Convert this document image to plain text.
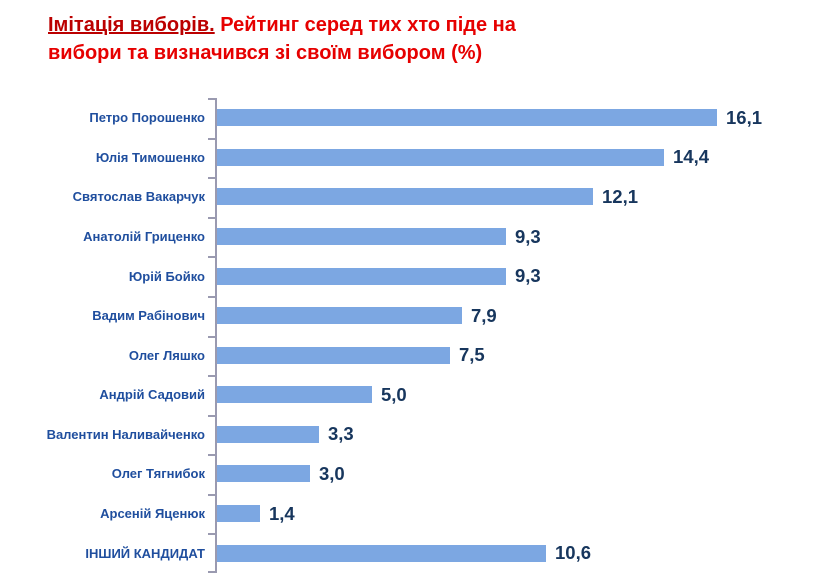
Імітація виборів. Рейтинг серед тих хто піде на
вибори та визначився зі своїм вибором (%)
Петро Порошенко	16,1
Юлія Тимошенко	14,4
Святослав Вакарчук	12,1
Анатолій Гриценко	9,3
Юрій Бойко	9,3
Вадим Рабінович	7,9
Олег Ляшко	7,5
Андрій Садовий	5,0
Валентин Наливайченко	3,3
Олег Тягнибок	3,0
Арсеній Яценюк	1,4
ІНШИЙ КАНДИДАТ	10,6
